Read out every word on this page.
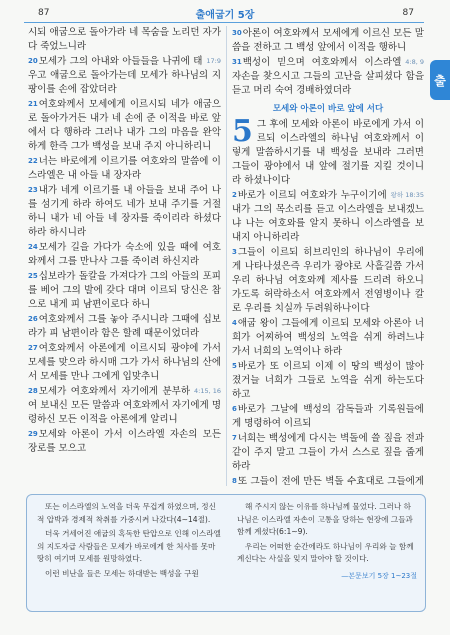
87	출애굽기 5장	87
출
시되 애굽으로 돌아가라 네 목숨을 노리던 자가 다 죽었느니라
20	17:9
모세가 그의 아내와 아들들을 나귀에 태우고 애굽으로 돌아가는데 모세가 하나님의 지팡이를 손에 잡았더라
21여호와께서 모세에게 이르시되 네가 애굽으로 돌아가거든 내가 네 손에 준 이적을 바로 앞에서 다 행하라 그러나 내가 그의 마음을 완악하게 한즉 그가 백성을 보내 주지 아니하리니
22너는 바로에게 이르기를 여호와의 말씀에 이스라엘은 내 아들 내 장자라
23내가 네게 이르기를 내 아들을 보내 주어 나를 섬기게 하라 하여도 네가 보내 주기를 거절하니 내가 네 아들 네 장자를 죽이리라 하셨다 하라 하시니라
24모세가 길을 가다가 숙소에 있을 때에 여호와께서 그를 만나사 그를 죽이려 하신지라
25십보라가 돌칼을 가져다가 그의 아들의 포피를 베어 그의 발에 갖다 대며 이르되 당신은 참으로 내게 피 남편이로다 하니
26여호와께서 그를 놓아 주시니라 그때에 십보라가 피 남편이라 함은 할례 때문이었더라
27여호와께서 아론에게 이르시되 광야에 가서 모세를 맞으라 하시매 그가 가서 하나님의 산에서 모세를 만나 그에게 입맞추니
28	4:15, 16
모세가 여호와께서 자기에게 분부하여 보내신 모든 말씀과 여호와께서 자기에게 명령하신 모든 이적을 아론에게 알리니
29모세와 아론이 가서 이스라엘 자손의 모든 장로를 모으고
30아론이 여호와께서 모세에게 이르신 모든 말씀을 전하고 그 백성 앞에서 이적을 행하니
31	4:8, 9
백성이 믿으며 여호와께서 이스라엘 자손을 찾으시고 그들의 고난을 살피셨다 함을 듣고 머리 숙여 경배하였더라
모세와 아론이 바로 앞에 서다
5 그 후에 모세와 아론이 바로에게 가서 이르되 이스라엘의 하나님 여호와께서 이렇게 말씀하시기를 내 백성을 보내라 그러면 그들이 광야에서 내 앞에 절기를 지킬 것이니라 하셨나이다
2	왕하 18:35
바로가 이르되 여호와가 누구이기에 내가 그의 목소리를 듣고 이스라엘을 보내겠느냐 나는 여호와를 알지 못하니 이스라엘을 보내지 아니하리라
3그들이 이르되 히브리인의 하나님이 우리에게 나타나셨은즉 우리가 광야로 사흘길쯤 가서 우리 하나님 여호와께 제사를 드리려 하오니 가도록 허락하소서 여호와께서 전염병이나 칼로 우리를 치실까 두려워하나이다
4애굽 왕이 그들에게 이르되 모세와 아론아 너희가 어찌하여 백성의 노역을 쉬게 하려느냐 가서 너희의 노역이나 하라
5바로가 또 이르되 이제 이 땅의 백성이 많아졌거늘 너희가 그들로 노역을 쉬게 하는도다 하고
6바로가 그날에 백성의 감독들과 기록원들에게 명령하여 이르되
7너희는 백성에게 다시는 벽돌에 쓸 짚을 전과 같이 주지 말고 그들이 가서 스스로 짚을 줍게 하라
8또 그들이 전에 만든 벽돌 수효대로 그들에게

또는 이스라엘의 노역을 더욱 무겁게 하였으며, 정신적 압박과 경제적 착취를 가중시켜 나갔다(4~14절).

더욱 거세어진 애굽의 혹독한 탄압으로 인해 이스라엘의 지도자급 사람들은 모세가 바로에게 한 처사를 못마땅히 여기며 모세를 원망하였다.

이런 비난을 들은 모세는 하대받는 백성을 구원

해 주시지 않는 이유를 하나님께 물었다. 그러나 하나님은 이스라엘 자손이 고통을 당하는 현장에 그들과 함께 계셨다(6:1~9).

우리는 어떠한 순간에라도 하나님이 우리와 늘 함께 계신다는 사실을 잊지 말아야 할 것이다.

—본문보기 5장 1~23절
